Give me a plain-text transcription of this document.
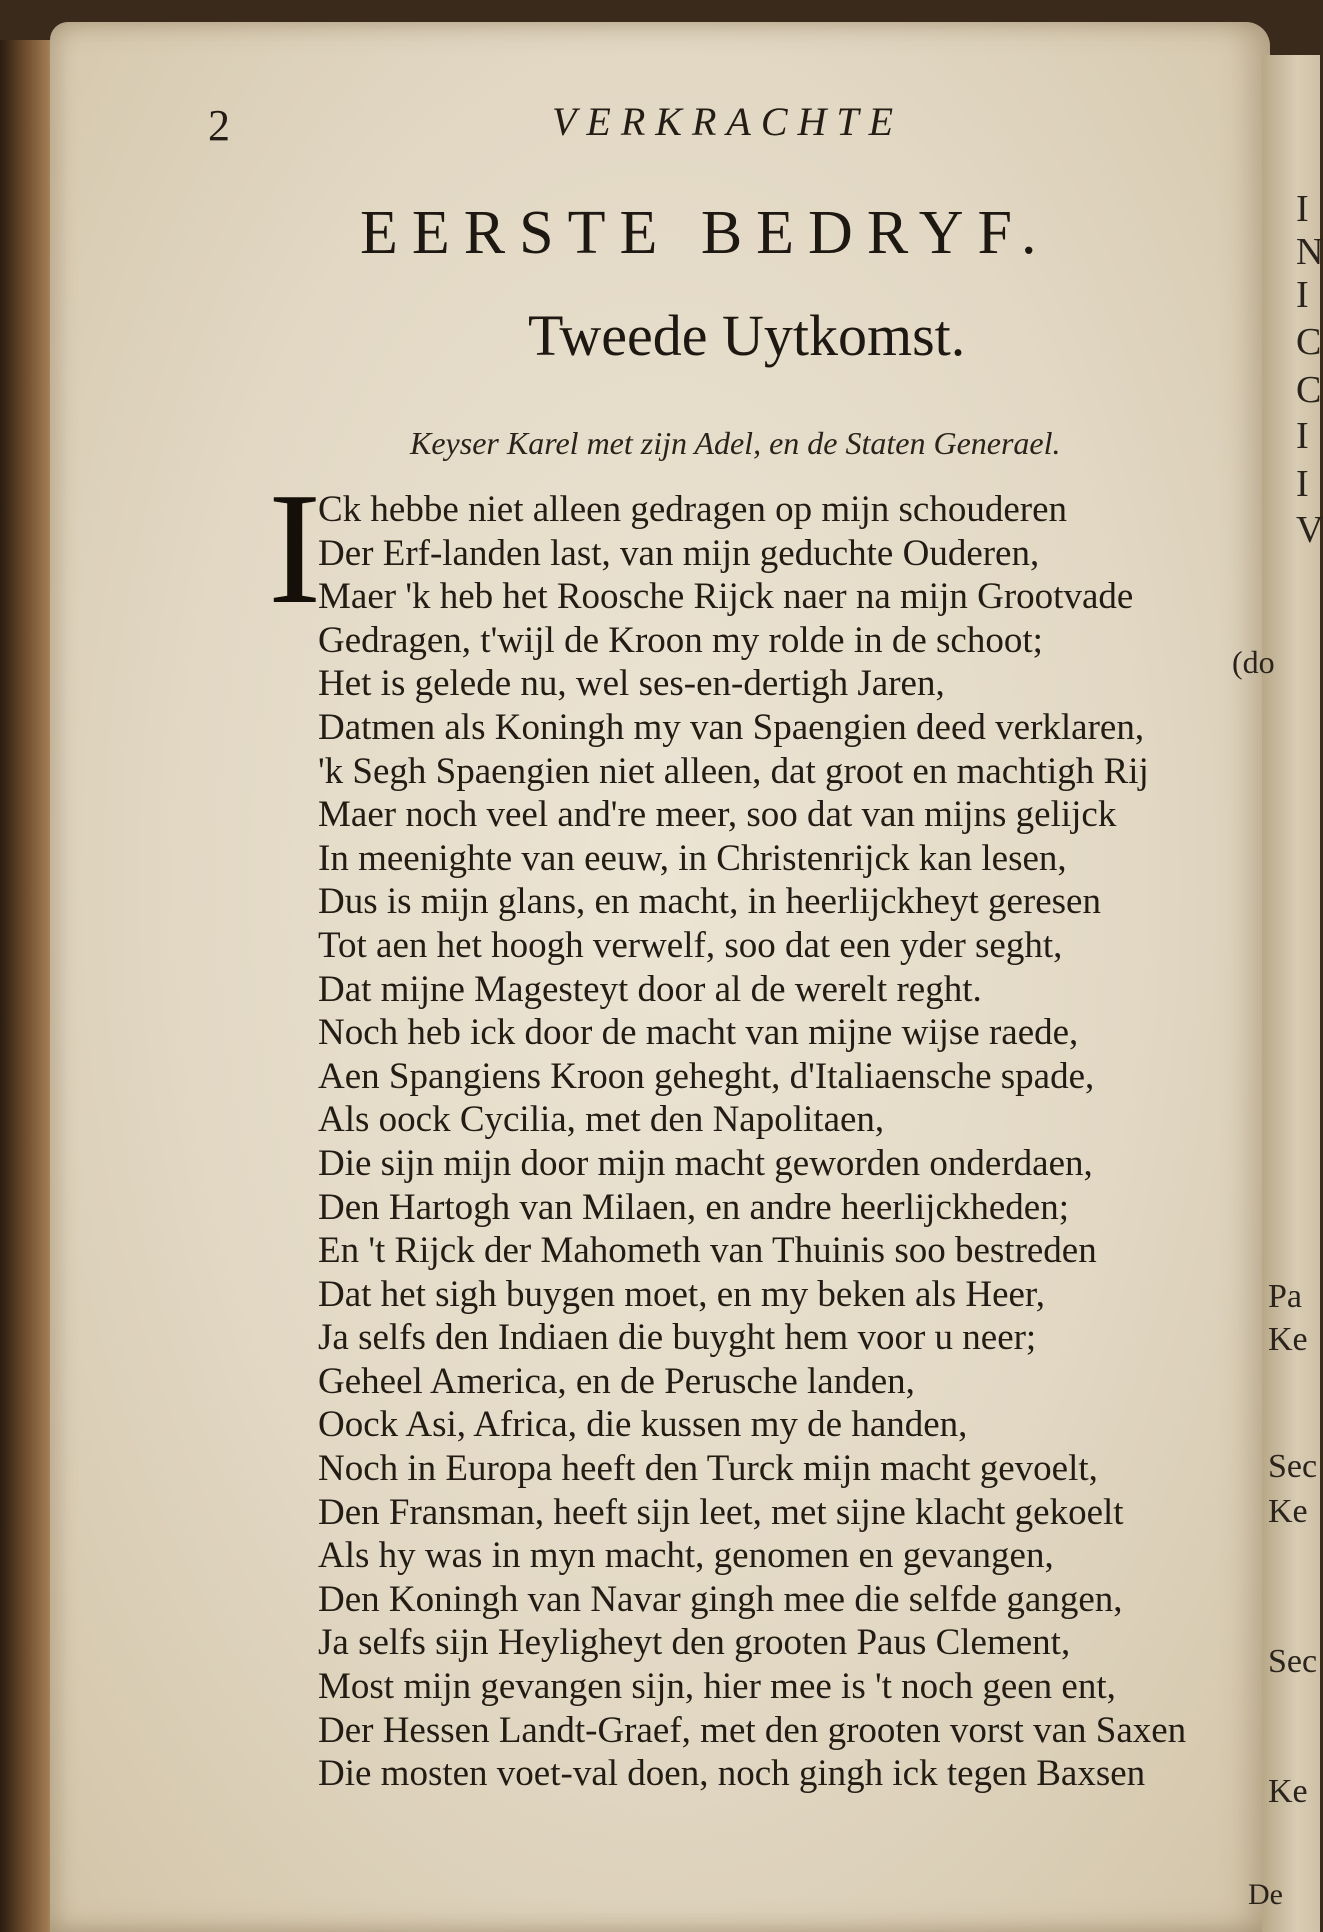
I
N
I
C
C
I
I
V
Pa
Ke
Sec
Ke
Sec
Ke
2	VERKRACHTE
EERSTE BEDRYF.
Tweede Uytkomst.
Keyser Karel met zijn Adel, en de Staten Generael.
I
Ck hebbe niet alleen gedragen op mijn schouderen
Der Erf-landen last, van mijn geduchte Ouderen,
Maer 'k heb het Roosche Rijck naer na mijn Grootvade
Gedragen, t'wijl de Kroon my rolde in de schoot;
Het is gelede nu, wel ses-en-dertigh Jaren,
Datmen als Koningh my van Spaengien deed verklaren,
'k Segh Spaengien niet alleen, dat groot en machtigh Rij
Maer noch veel and're meer, soo dat van mijns gelijck
In meenighte van eeuw, in Christenrijck kan lesen,
Dus is mijn glans, en macht, in heerlijckheyt geresen
Tot aen het hoogh verwelf, soo dat een yder seght,
Dat mijne Magesteyt door al de werelt reght.
Noch heb ick door de macht van mijne wijse raede,
Aen Spangiens Kroon geheght, d'Italiaensche spade,
Als oock Cycilia, met den Napolitaen,
Die sijn mijn door mijn macht geworden onderdaen,
Den Hartogh van Milaen, en andre heerlijckheden;
En 't Rijck der Mahometh van Thuinis soo bestreden
Dat het sigh buygen moet, en my beken als Heer,
Ja selfs den Indiaen die buyght hem voor u neer;
Geheel America, en de Perusche landen,
Oock Asi, Africa, die kussen my de handen,
Noch in Europa heeft den Turck mijn macht gevoelt,
Den Fransman, heeft sijn leet, met sijne klacht gekoelt
Als hy was in myn macht, genomen en gevangen,
Den Koningh van Navar gingh mee die selfde gangen,
Ja selfs sijn Heyligheyt den grooten Paus Clement,
Most mijn gevangen sijn, hier mee is 't noch geen ent,
Der Hessen Landt-Graef, met den grooten vorst van Saxen
Die mosten voet-val doen, noch gingh ick tegen Baxsen
(do
De
